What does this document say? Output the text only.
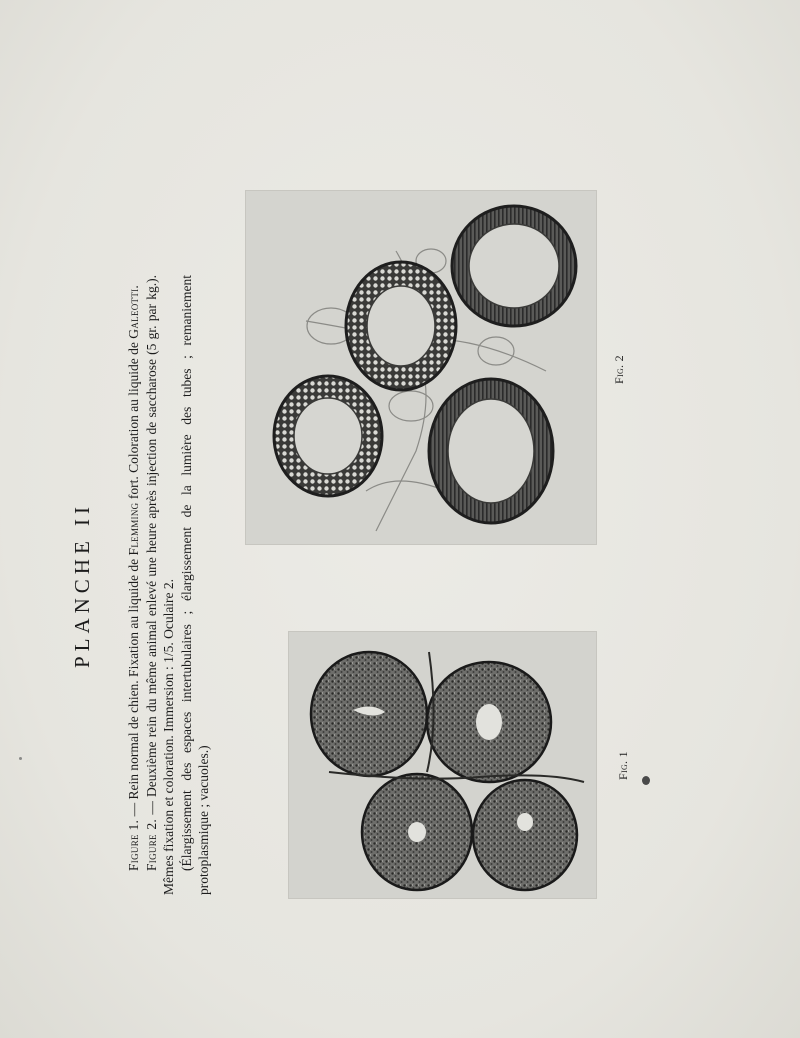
PLANCHE II

Figure 1. — Rein normal de chien. Fixation au liquide de Flemming fort. Coloration au liquide de Galeotti.

Figure 2. — Deuxième rein du même animal enlevé une heure après injection de saccharose (5 gr. par kg.). Mêmes fixation et coloration. Immersion : 1/5. Oculaire 2. (Élargissement des espaces intertubulaires ; élargissement de la lumière des tubes ; remaniement protoplasmique ; vacuoles.)

Fig. 2
Fig. 1
